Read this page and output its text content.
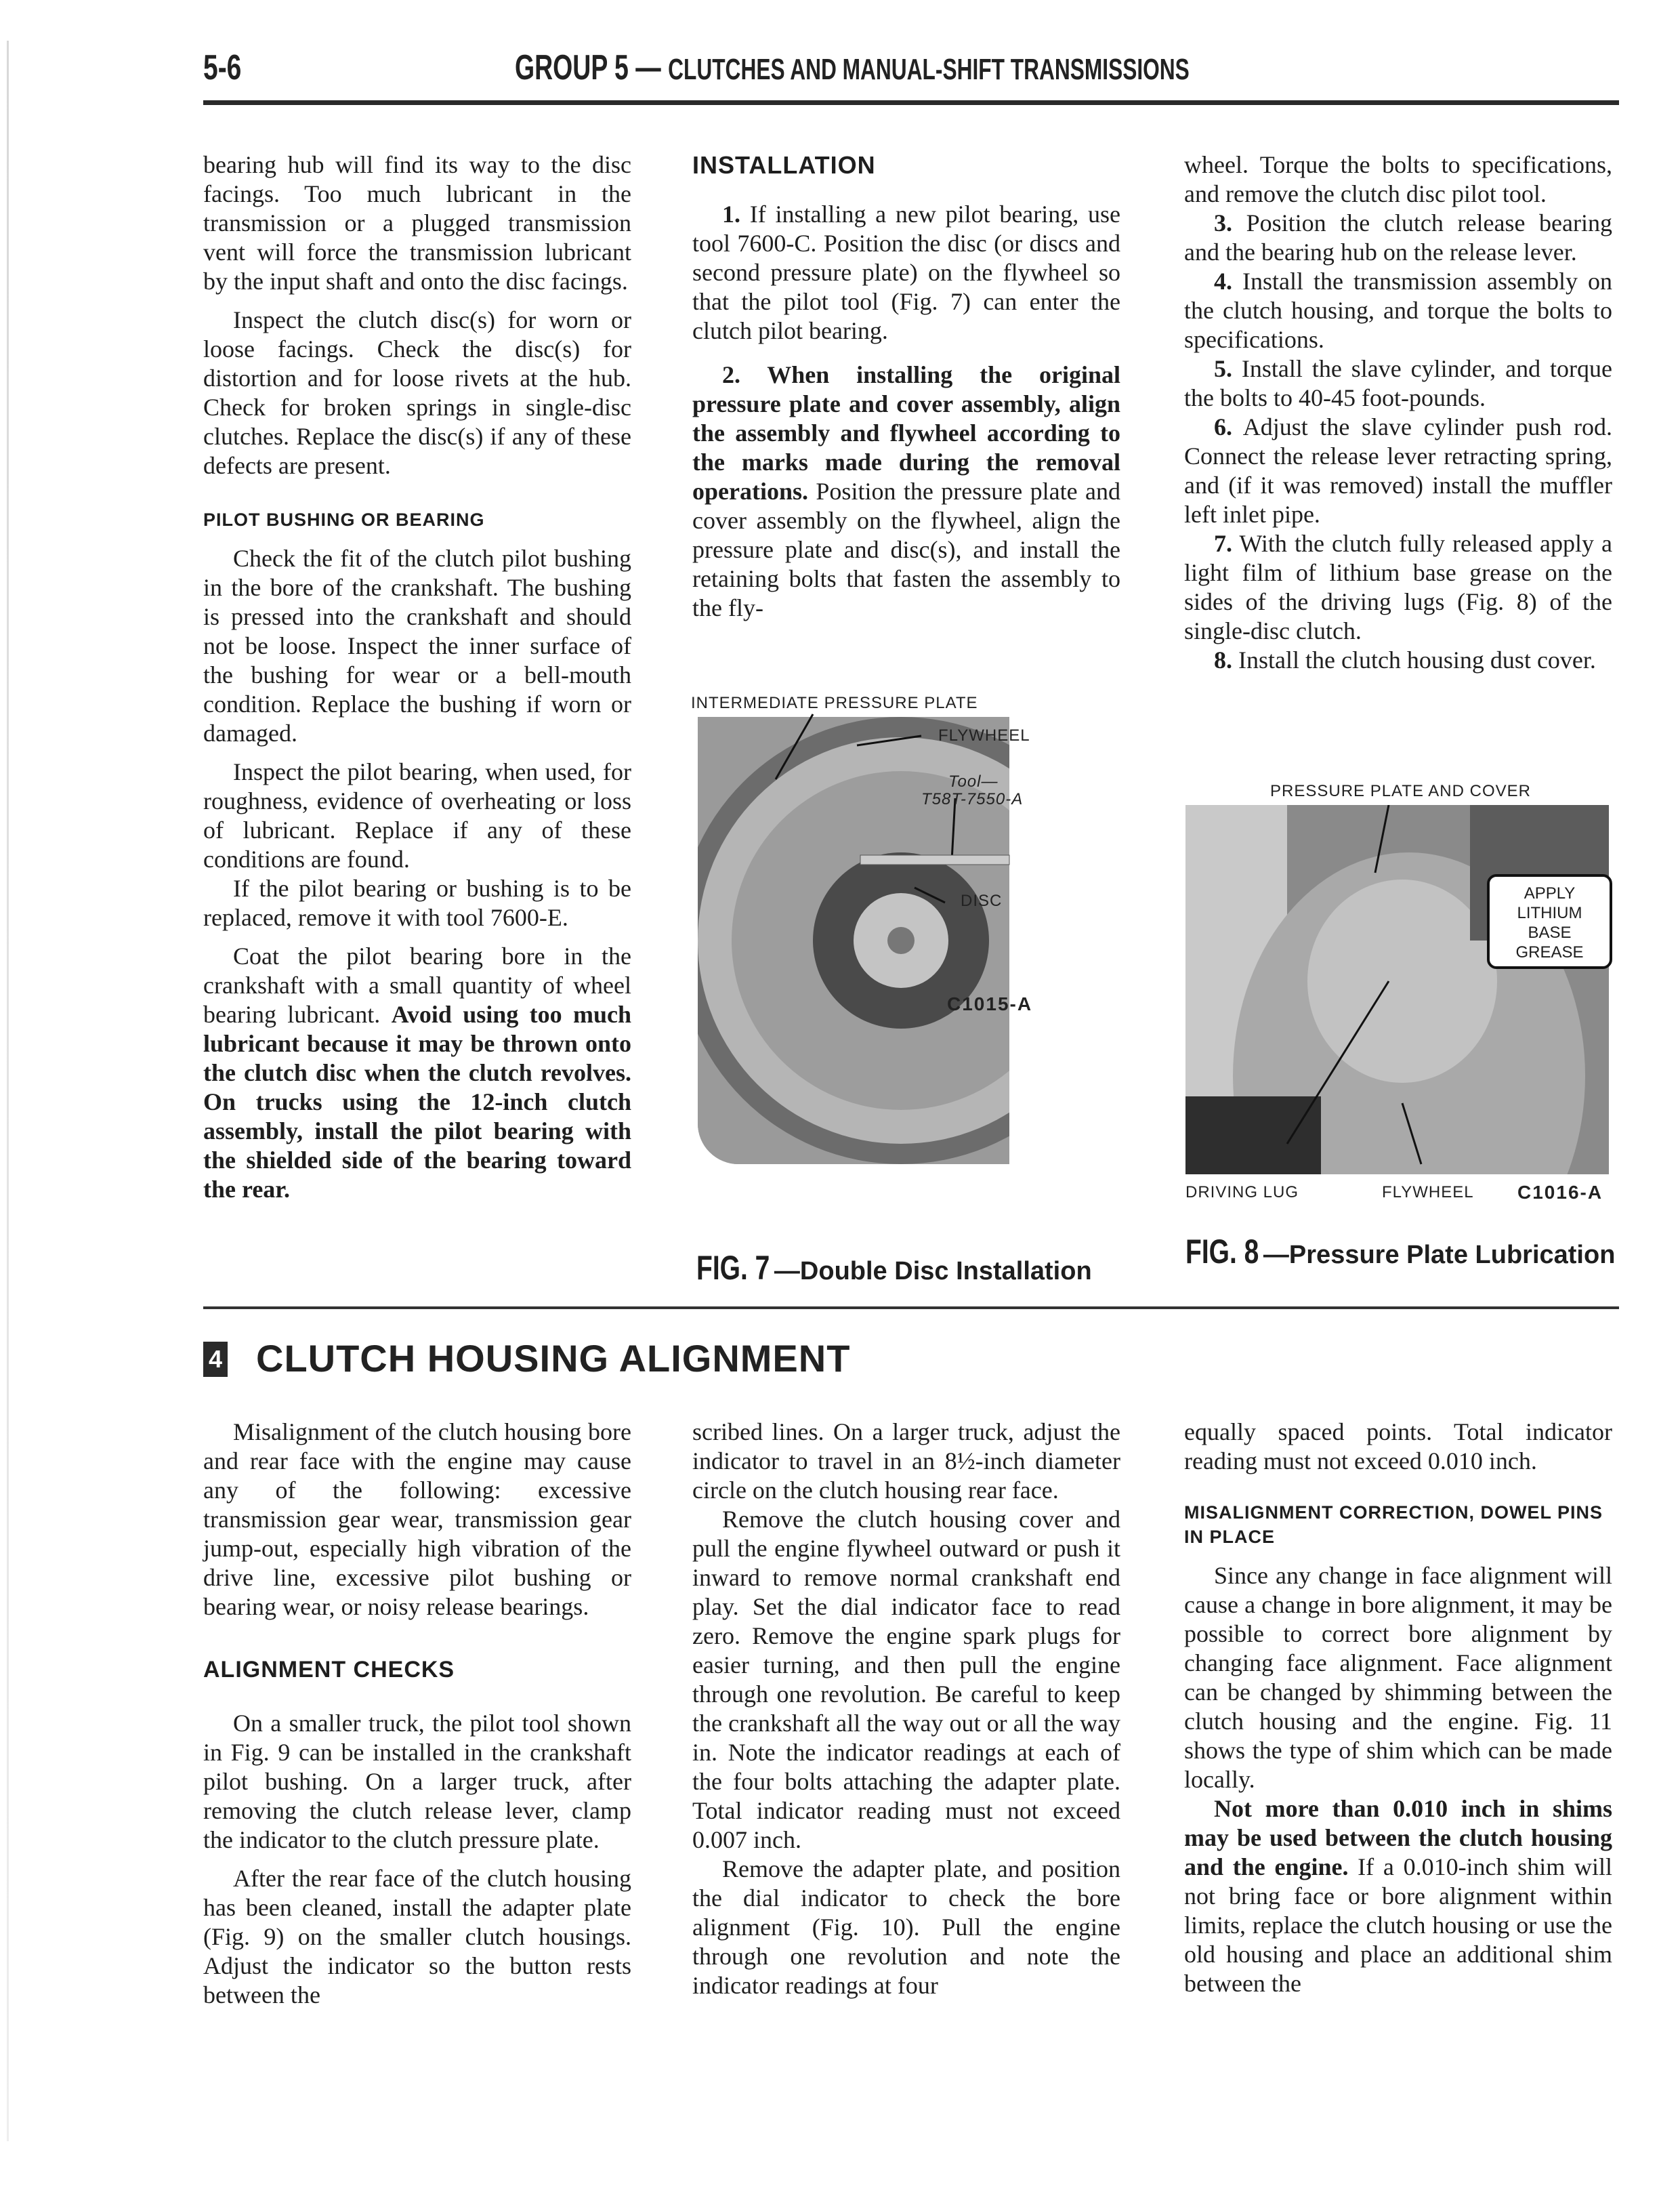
5-6	GROUP 5 — CLUTCHES AND MANUAL-SHIFT TRANSMISSIONS

bearing hub will find its way to the disc facings. Too much lubricant in the transmission or a plugged transmission vent will force the transmission lubricant by the input shaft and onto the disc facings.

Inspect the clutch disc(s) for worn or loose facings. Check the disc(s) for distortion and for loose rivets at the hub. Check for broken springs in single-disc clutches. Replace the disc(s) if any of these defects are present.

PILOT BUSHING OR BEARING

Check the fit of the clutch pilot bushing in the bore of the crankshaft. The bushing is pressed into the crankshaft and should not be loose. Inspect the inner surface of the bushing for wear or a bell-mouth condition. Replace the bushing if worn or damaged.

Inspect the pilot bearing, when used, for roughness, evidence of overheating or loss of lubricant. Replace if any of these conditions are found.

If the pilot bearing or bushing is to be replaced, remove it with tool 7600-E.

Coat the pilot bearing bore in the crankshaft with a small quantity of wheel bearing lubricant. Avoid using too much lubricant because it may be thrown onto the clutch disc when the clutch revolves. On trucks using the 12-inch clutch assembly, install the pilot bearing with the shielded side of the bearing toward the rear.

INSTALLATION

1. If installing a new pilot bearing, use tool 7600-C. Position the disc (or discs and second pressure plate) on the flywheel so that the pilot tool (Fig. 7) can enter the clutch pilot bearing.

2. When installing the original pressure plate and cover assembly, align the assembly and flywheel according to the marks made during the removal operations. Position the pressure plate and cover assembly on the flywheel, align the pressure plate and disc(s), and install the retaining bolts that fasten the assembly to the fly-

INTERMEDIATE PRESSURE PLATE
FLYWHEEL
Tool—
T58T-7550-A
DISC
C1015-A
FIG. 7 —Double Disc Installation

wheel. Torque the bolts to specifications, and remove the clutch disc pilot tool.

3. Position the clutch release bearing and the bearing hub on the release lever.

4. Install the transmission assembly on the clutch housing, and torque the bolts to specifications.

5. Install the slave cylinder, and torque the bolts to 40-45 foot-pounds.

6. Adjust the slave cylinder push rod. Connect the release lever retracting spring, and (if it was removed) install the muffler left inlet pipe.

7. With the clutch fully released apply a light film of lithium base grease on the sides of the driving lugs (Fig. 8) of the single-disc clutch.

8. Install the clutch housing dust cover.

PRESSURE PLATE AND COVER
APPLY
LITHIUM
BASE
GREASE
DRIVING LUG	FLYWHEEL C1016-A
FIG. 8 —Pressure Plate Lubrication
4 CLUTCH HOUSING ALIGNMENT

Misalignment of the clutch housing bore and rear face with the engine may cause any of the following: excessive transmission gear wear, transmission gear jump-out, especially high vibration of the drive line, excessive pilot bushing or bearing wear, or noisy release bearings.

ALIGNMENT CHECKS

On a smaller truck, the pilot tool shown in Fig. 9 can be installed in the crankshaft pilot bushing. On a larger truck, after removing the clutch release lever, clamp the indicator to the clutch pressure plate.

After the rear face of the clutch housing has been cleaned, install the adapter plate (Fig. 9) on the smaller clutch housings. Adjust the indicator so the button rests between the

scribed lines. On a larger truck, adjust the indicator to travel in an 8½-inch diameter circle on the clutch housing rear face.

Remove the clutch housing cover and pull the engine flywheel outward or push it inward to remove normal crankshaft end play. Set the dial indicator face to read zero. Remove the engine spark plugs for easier turning, and then pull the engine through one revolution. Be careful to keep the crankshaft all the way out or all the way in. Note the indicator readings at each of the four bolts attaching the adapter plate. Total indicator reading must not exceed 0.007 inch.

Remove the adapter plate, and position the dial indicator to check the bore alignment (Fig. 10). Pull the engine through one revolution and note the indicator readings at four

equally spaced points. Total indicator reading must not exceed 0.010 inch.

MISALIGNMENT CORRECTION, DOWEL PINS IN PLACE

Since any change in face alignment will cause a change in bore alignment, it may be possible to correct bore alignment by changing face alignment. Face alignment can be changed by shimming between the clutch housing and the engine. Fig. 11 shows the type of shim which can be made locally.

Not more than 0.010 inch in shims may be used between the clutch housing and the engine. If a 0.010-inch shim will not bring face or bore alignment within limits, replace the clutch housing or use the old housing and place an additional shim between the
